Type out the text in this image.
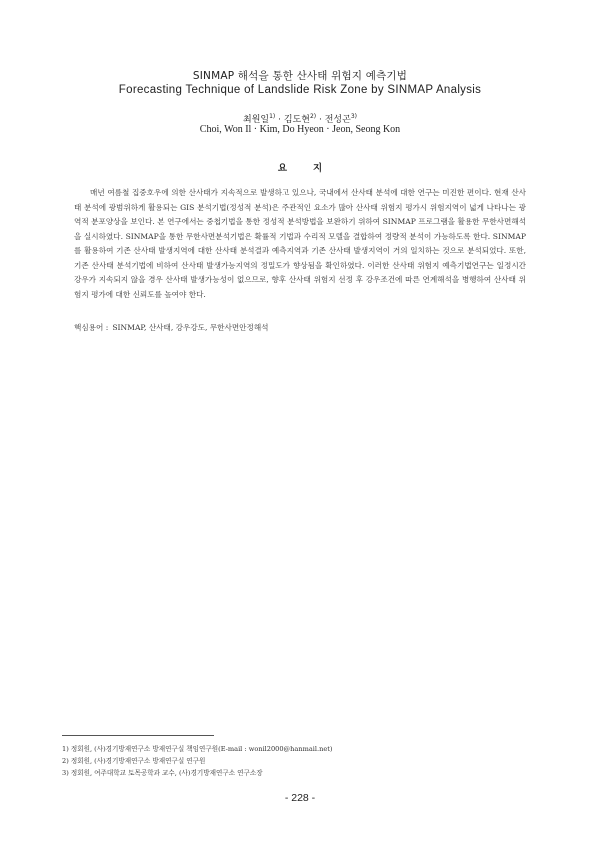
SINMAP 해석을 통한 산사태 위험지 예측기법
Forecasting Technique of Landslide Risk Zone by SINMAP Analysis
최원일$^{1)}$ · 김도현$^{2)}$ · 전성곤$^{3)}$
Choi, Won Il · Kim, Do Hyeon · Jeon, Seong Kon
요지

매년 여름철 집중호우에 의한 산사태가 지속적으로 발생하고 있으나, 국내에서 산사태 분석에 대한 연구는 미진한 편이다. 현재 산사태 분석에 광범위하게 활용되는 GIS 분석기법(정성적 분석)은 주관적인 요소가 많아 산사태 위험지 평가시 위험지역이 넓게 나타나는 광역적 분포양상을 보인다. 본 연구에서는 중첩기법을 통한 정성적 분석방법을 보완하기 위하여 SINMAP 프로그램을 활용한 무한사면해석을 실시하였다. SINMAP을 통한 무한사면분석기법은 확률적 기법과 수리적 모델을 결합하여 정량적 분석이 가능하도록 한다. SINMAP를 활용하여 기존 산사태 발생지역에 대한 산사태 분석결과 예측지역과 기존 산사태 발생지역이 거의 일치하는 것으로 분석되었다. 또한, 기존 산사태 분석기법에 비하여 산사태 발생가능지역의 정밀도가 향상됨을 확인하였다. 이러한 산사태 위험지 예측기법연구는 일정시간 강우가 지속되지 않을 경우 산사태 발생가능성이 없으므로, 향후 산사태 위험지 선정 후 강우조건에 따른 연계해석을 병행하여 산사태 위험지 평가에 대한 신뢰도를 높여야 한다.

핵심용어 : SINMAP, 산사태, 강우강도, 무한사면안정해석
1) 정회원, (사)경기방재연구소 방재연구실 책임연구원(E-mail : wonil2000@hanmail.net)
2) 정회원, (사)경기방재연구소 방재연구실 연구원
3) 정회원, 여주대학교 토목공학과 교수, (사)경기방재연구소 연구소장
- 228 -
